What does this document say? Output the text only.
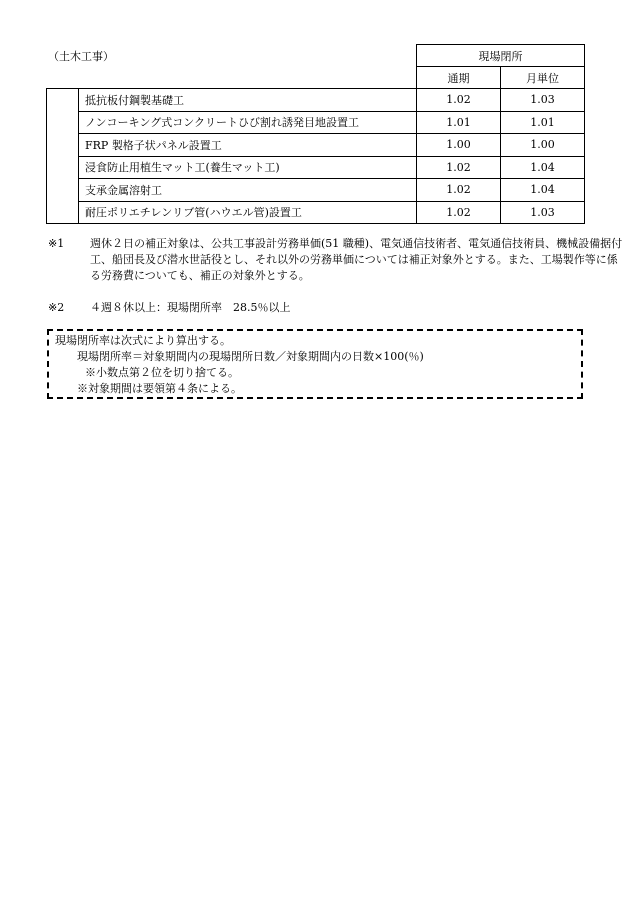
		現場閉所	
		通期	月単位
	抵抗板付鋼製基礎工	1.02	1.03
	ノンコーキング式コンクリートひび割れ誘発目地設置工	1.01	1.01
	FRP 製格子状パネル設置工	1.00	1.00
	浸食防止用植生マット工(養生マット工)	1.02	1.04
	支承金属溶射工	1.02	1.04
	耐圧ポリエチレンリブ管(ハウエル管)設置工	1.02	1.03
（土木工事）
※1 週休２日の補正対象は、公共工事設計労務単価(51 職種)、電気通信技術者、電気通信技術員、機械設備据付工、船団長及び潜水世話役とし、それ以外の労務単価については補正対象外とする。また、工場製作等に係る労務費についても、補正の対象外とする。
※2 ４週８休以上：現場閉所率　28.5％以上
現場閉所率は次式により算出する。
現場閉所率＝対象期間内の現場閉所日数／対象期間内の日数×100(％)
※小数点第２位を切り捨てる。
※対象期間は要領第４条による。
